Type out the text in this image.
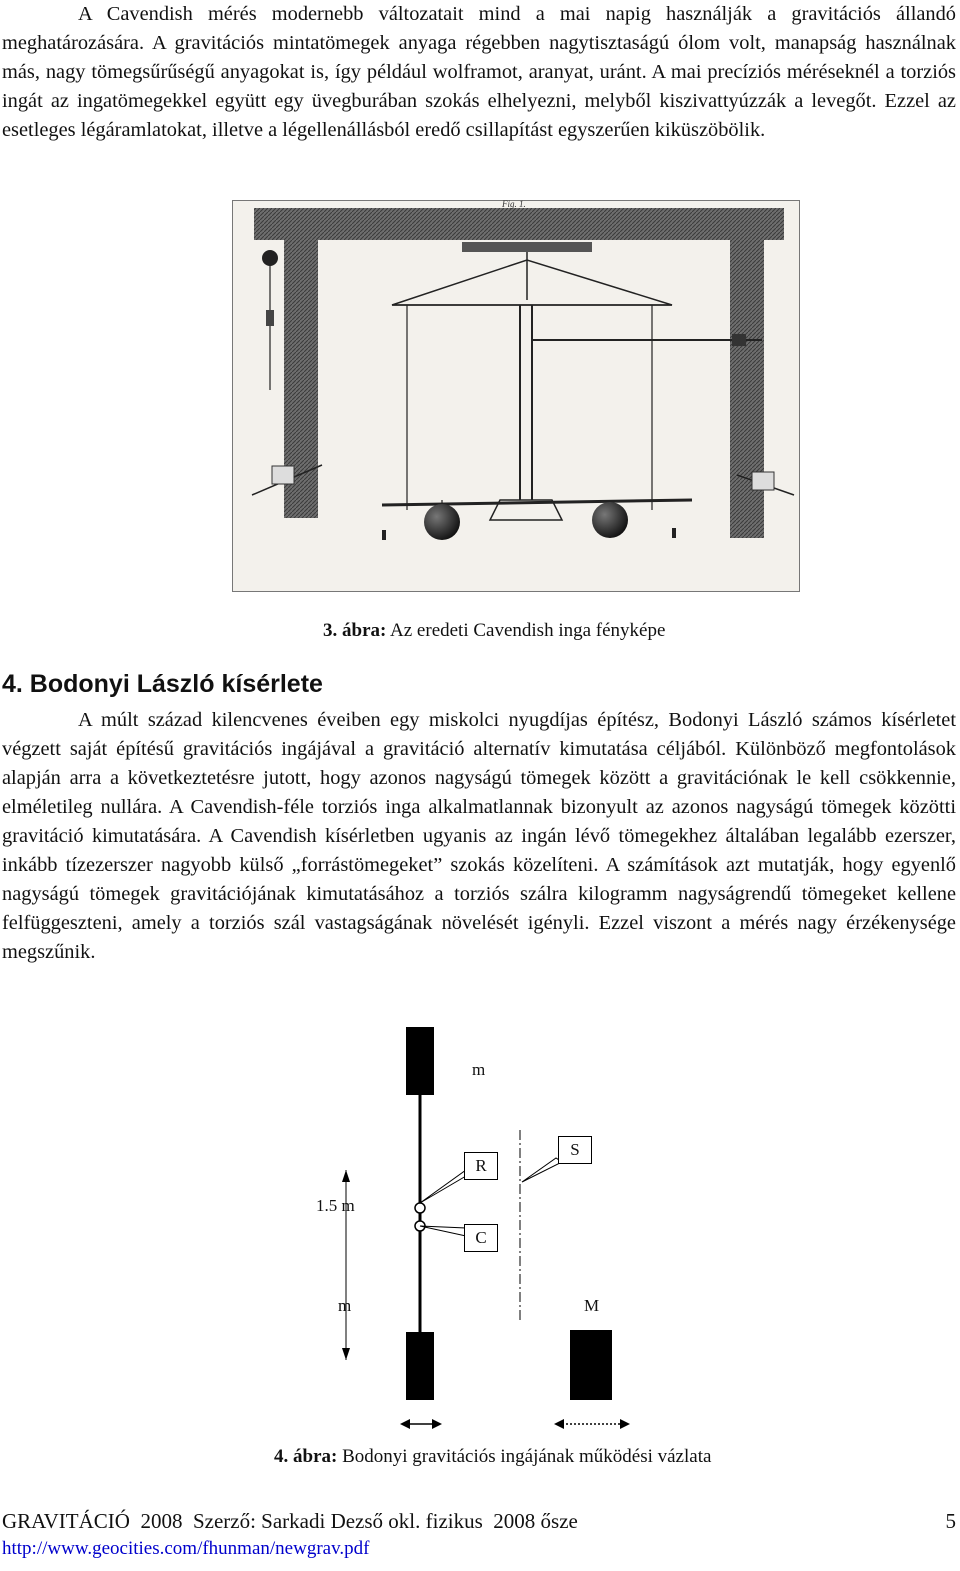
A Cavendish mérés modernebb változatait mind a mai napig használják a gravitációs állandó meghatározására. A gravitációs mintatömegek anyaga régebben nagytisztaságú ólom volt, manapság használnak más, nagy tömegsűrűségű anyagokat is, így például wolframot, aranyat, uránt. A mai precíziós méréseknél a torziós ingát az ingatömegekkel együtt egy üvegburában szokás elhelyezni, melyből kiszivattyúzzák a levegőt. Ezzel az esetleges légáramlatokat, illetve a légellenállásból eredő csillapítást egyszerűen kiküszöbölik.

Fig. 1.
3. ábra: Az eredeti Cavendish inga fényképe
4. Bodonyi László kísérlete

A múlt század kilencvenes éveiben egy miskolci nyugdíjas építész, Bodonyi László számos kísérletet végzett saját építésű gravitációs ingájával a gravitáció alternatív kimutatása céljából. Különböző megfontolások alapján arra a következtetésre jutott, hogy azonos nagyságú tömegek között a gravitációnak le kell csökkennie, elméletileg nullára. A Cavendish-féle torziós inga alkalmatlannak bizonyult az azonos nagyságú tömegek közötti gravitáció kimutatására. A Cavendish kísérletben ugyanis az ingán lévő tömegekhez általában legalább ezerszer, inkább tízezerszer nagyobb külső „forrástömegeket” szokás közelíteni. A számítások azt mutatják, hogy egyenlő nagyságú tömegek gravitációjának kimutatásához a torziós szálra kilogramm nagyságrendű tömegeket kellene felfüggeszteni, amely a torziós szál vastagságának növelését igényli. Ezzel viszont a mérés nagy érzékenysége megszűnik.

m
R
S
1.5 m
C
m	M
4. ábra: Bodonyi gravitációs ingájának működési vázlata
GRAVITÁCIÓ  2008  Szerző: Sarkadi Dezső okl. fizikus  2008 ősze	5
http://www.geocities.com/fhunman/newgrav.pdf
